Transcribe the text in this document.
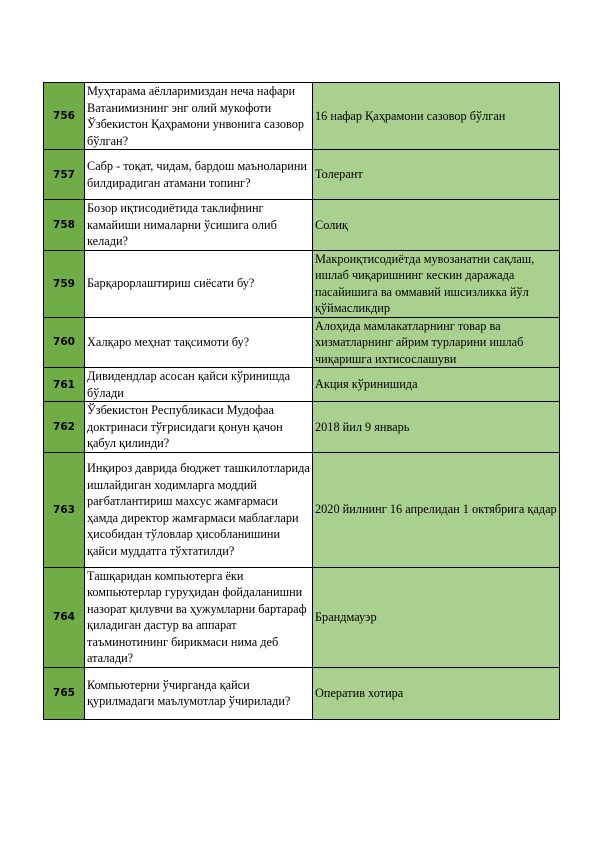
756	Муҳтарама аёлларимиздан неча нафари Ватанимизнинг энг олий мукофоти Ўзбекистон Қаҳрамони унвонига сазовор бўлган?	16 нафар Қаҳрамони сазовор бўлган
757	Сабр - тоқат, чидам, бардош маъноларини билдирадиган атамани топинг?	Толерант
758	Бозор иқтисодиётида таклифнинг камайиши нималарни ўсишига олиб келади?	Солиқ
759	Барқарорлаштириш сиёсати бу?	Макроиқтисодиётда мувозанатни сақлаш, ишлаб чиқаришнинг кескин даражада пасайишига ва оммавий ишсизликка йўл қўймасликдир
760	Халқаро меҳнат тақсимоти бу?	Алоҳида мамлакатларнинг товар ва хизматларнинг айрим турларини ишлаб чиқаришга ихтисослашуви
761	Дивидендлар асосан қайси кўринишда бўлади	Акция кўринишида
762	Ўзбекистон Республикаси Мудофаа доктринаси тўғрисидаги қонун қачон қабул қилинди?	2018 йил 9 январь
763	Инқироз даврида бюджет ташкилотларида ишлайдиган ходимларга моддий рағбатлантириш махсус жамғармаси ҳамда директор жамғармаси маблағлари ҳисобидан тўловлар ҳисобланишини қайси муддатга тўхтатилди?	2020 йилнинг 16 апрелидан 1 октябрига қадар
764	Ташқаридан компьютерга ёки компьютерлар гуруҳидан фойдаланишни назорат қилувчи ва ҳужумларни бартараф қиладиган дастур ва аппарат таъминотининг бирикмаси нима деб аталади?	Брандмауэр
765	Компьютерни ўчирганда қайси қурилмадаги маълумотлар ўчирилади?	Оператив хотира
